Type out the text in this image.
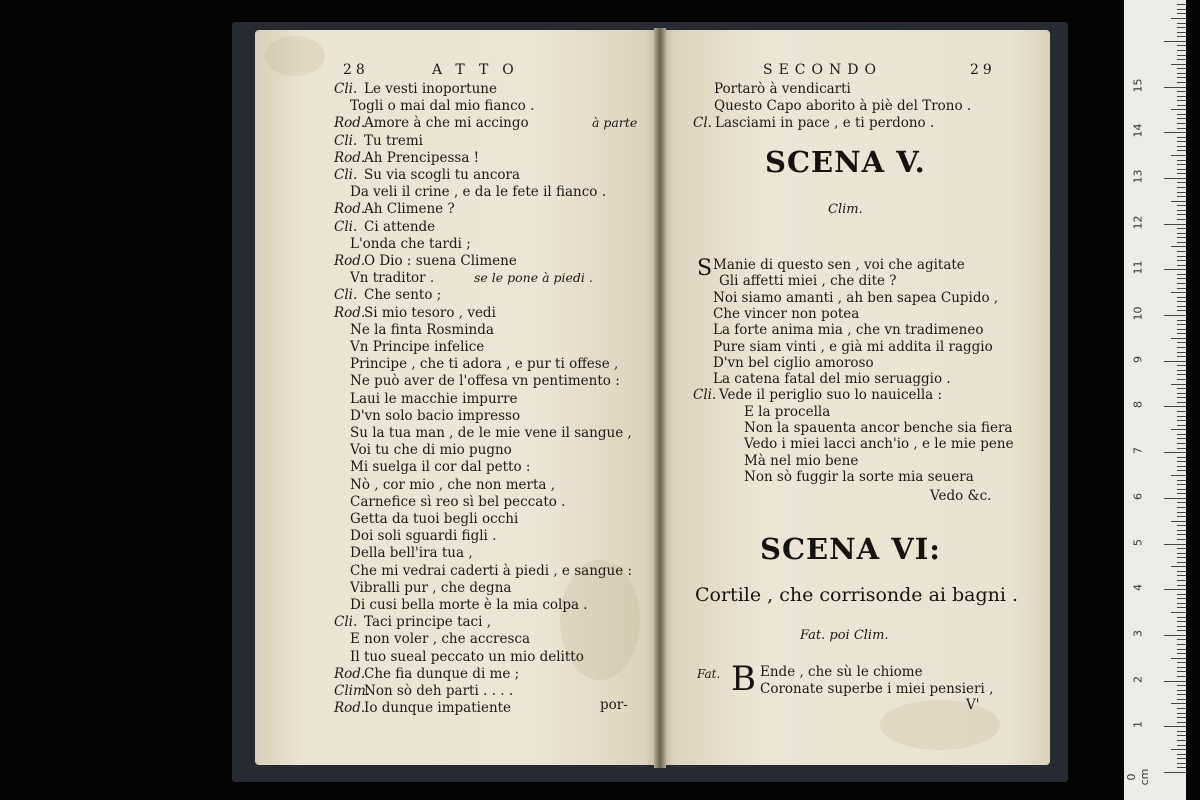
28	ATTO
Cli. Le vesti inoportune
Togli o mai dal mio fianco .
Rod.
Amore à che mi accingo	à parte
Cli. Tu tremi
Rod.
Ah Prencipessa !
Cli. Su via scogli tu ancora
Da veli il crine , e da le fete il fianco .
Rod.
Ah Climene ?
Cli. Ci attende
L'onda che tardi ;
Rod.
O Dio : suena Climene
Vn traditor .	se le pone à piedi .
Cli. Che sento ;
Rod.
Si mio tesoro , vedi
Ne la finta Rosminda
Vn Principe infelice
Principe , che ti adora , e pur ti offese ,
Ne può aver de l'offesa vn pentimento :
Laui le macchie impurre
D'vn solo bacio impresso
Su la tua man , de le mie vene il sangue ,
Voi tu che di mio pugno
Mi suelga il cor dal petto :
Nò , cor mio , che non merta ,
Carnefice sì reo sì bel peccato .
Getta da tuoi begli occhi
Doi soli sguardi figli .
Della bell'ira tua ,
Che mi vedrai caderti à piedi , e sangue :
Vibralli pur , che degna
Di cusi bella morte è la mia colpa .
Cli. Taci principe taci ,
E non voler , che accresca
Il tuo sueal peccato un mio delitto
Rod.
Che fia dunque di me ;
Clim.
Non sò deh parti . . . .
Rod.
Io dunque impatiente	por-
SECONDO	29
Portarò à vendicarti
Questo Capo aborito à piè del Trono .
Cl. Lasciami in pace , e ti perdono .
SCENA V.
Clim.
S Manie di questo sen , voi che agitate
Gli affetti miei , che dite ?
Noi siamo amanti , ah ben sapea Cupido ,
Che vincer non potea
La forte anima mia , che vn tradimeneo
Pure siam vinti , e già mi addita il raggio
D'vn bel ciglio amoroso
La catena fatal del mio seruaggio .
Cli. Vede il periglio suo lo nauicella :
E la procella
Non la spauenta ancor benche sia fiera
Vedo i miei lacci anch'io , e le mie pene
Mà nel mio bene
Non sò fuggir la sorte mia seuera
Vedo &c.
SCENA VI:
Cortile , che corrisonde ai bagni .
Fat. poi Clim.
Fat. B Ende , che sù le chiome
Coronate superbe i miei pensieri ,
V'
15
14
13
12
11
10
9
8
7
6
5
4
3
2
1
0 cm
